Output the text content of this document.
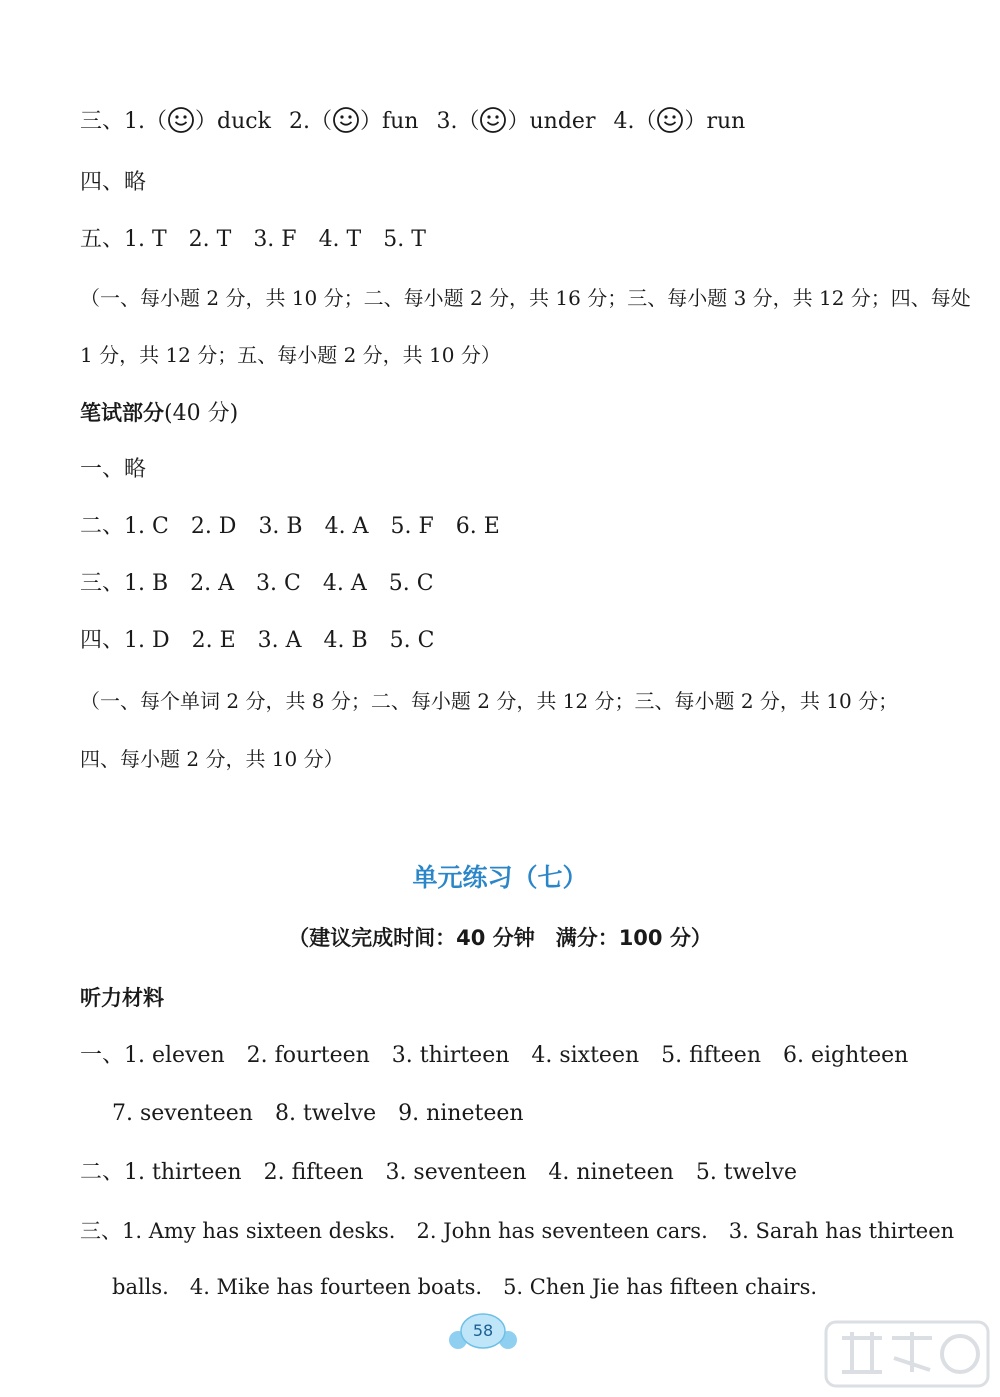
三、1.（ ）duck 2.（ ）fun 3.（ ）under 4.（ ）run
四、略
五、1. T　2. T　3. F　4. T　5. T
（一、每小题 2 分，共 10 分；二、每小题 2 分，共 16 分；三、每小题 3 分，共 12 分；四、每处
1 分，共 12 分；五、每小题 2 分，共 10 分）
笔试部分(40 分)
一、略
二、1. C　2. D　3. B　4. A　5. F　6. E
三、1. B　2. A　3. C　4. A　5. C
四、1. D　2. E　3. A　4. B　5. C
（一、每个单词 2 分，共 8 分；二、每小题 2 分，共 12 分；三、每小题 2 分，共 10 分；
四、每小题 2 分，共 10 分）
单元练习（七）
（建议完成时间：40 分钟　满分：100 分）
听力材料
一、1. eleven　2. fourteen　3. thirteen　4. sixteen　5. fifteen　6. eighteen
7. seventeen　8. twelve　9. nineteen
二、1. thirteen　2. fifteen　3. seventeen　4. nineteen　5. twelve
三、1. Amy has sixteen desks.　2. John has seventeen cars.　3. Sarah has thirteen
balls.　4. Mike has fourteen boats.　5. Chen Jie has fifteen chairs.
58
